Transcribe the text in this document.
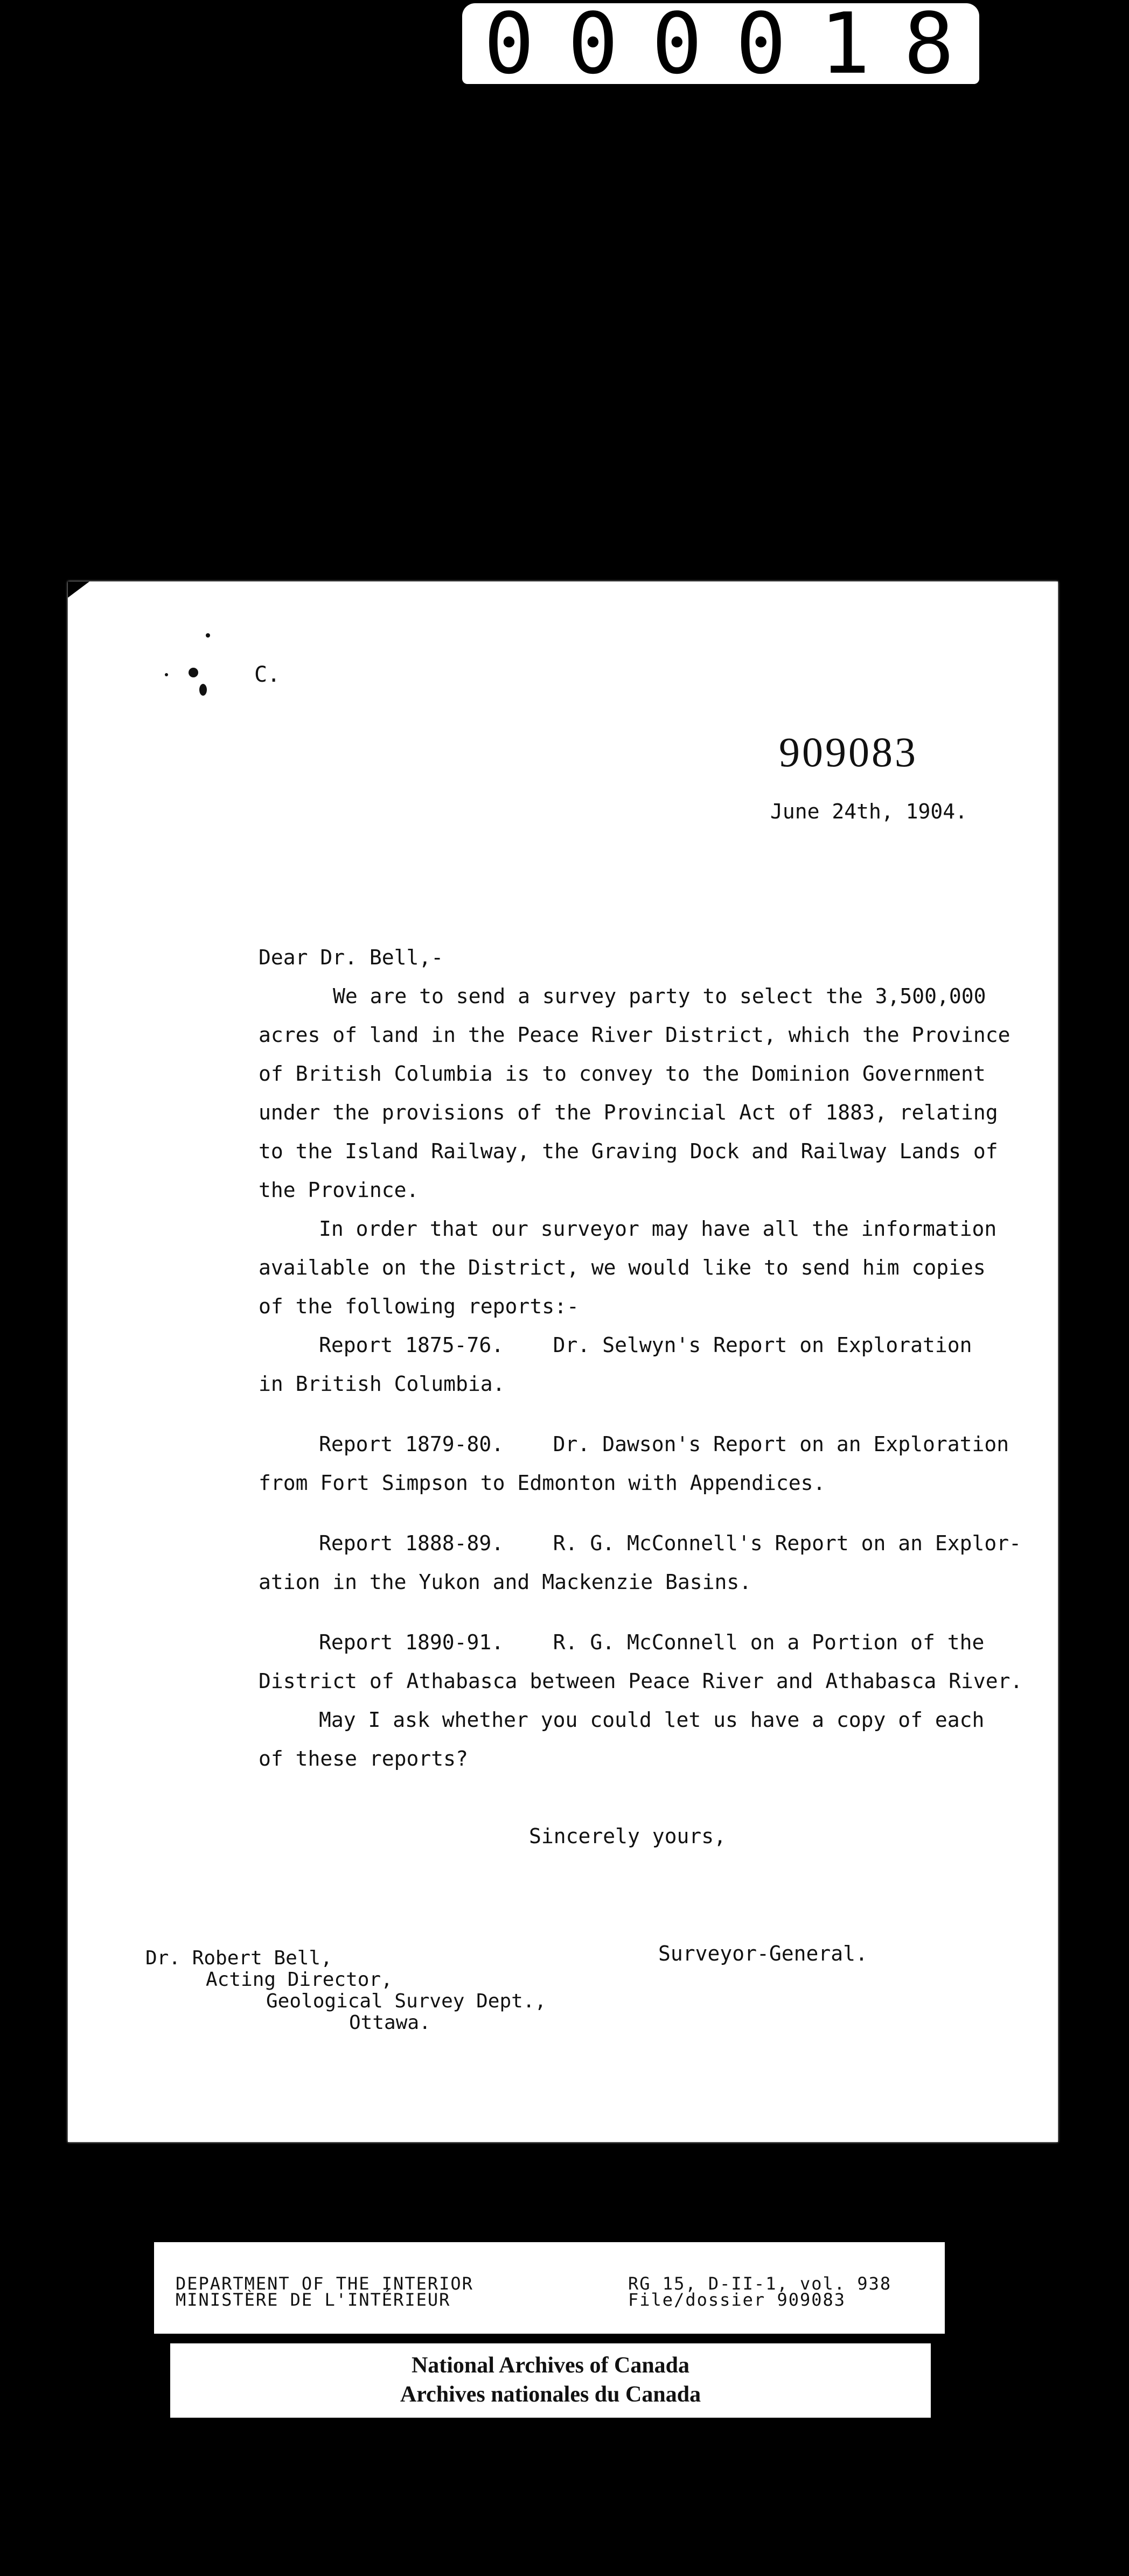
000018
C.
909083
June 24th, 1904.
Dear Dr. Bell,-
We are to send a survey party to select the 3,500,000
acres of land in the Peace River District, which the Province
of British Columbia is to convey to the Dominion Government
under the provisions of the Provincial Act of 1883, relating
to the Island Railway, the Graving Dock and Railway Lands of
the Province.
In order that our surveyor may have all the information
available on the District, we would like to send him copies
of the following reports:-
Report 1875-76.    Dr. Selwyn's Report on Exploration
in British Columbia.
Report 1879-80.    Dr. Dawson's Report on an Exploration
from Fort Simpson to Edmonton with Appendices.
Report 1888-89.    R. G. McConnell's Report on an Explor-
ation in the Yukon and Mackenzie Basins.
Report 1890-91.    R. G. McConnell on a Portion of the
District of Athabasca between Peace River and Athabasca River.
May I ask whether you could let us have a copy of each
of these reports?
Sincerely yours,
Surveyor-General.
Dr. Robert Bell,
Acting Director,
Geological Survey Dept.,
Ottawa.
DEPARTMENT OF THE INTERIOR
MINISTÈRE DE L'INTÉRIEUR
RG 15, D-II-1, vol. 938
File/dossier 909083
National Archives of Canada
Archives nationales du Canada
